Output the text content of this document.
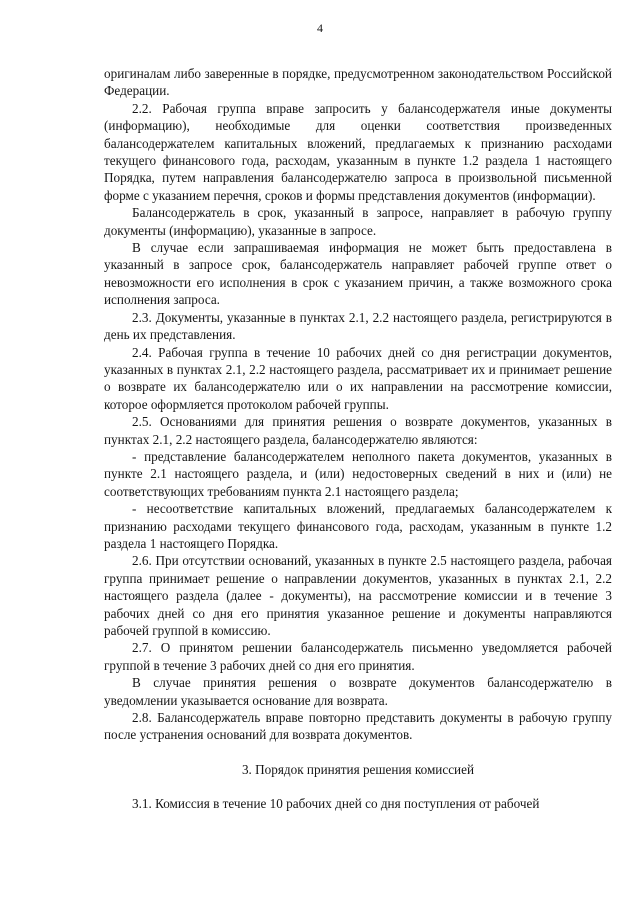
4

оригиналам либо заверенные в порядке, предусмотренном законодательством Российской Федерации.

2.2. Рабочая группа вправе запросить у балансодержателя иные документы (информацию), необходимые для оценки соответствия произведенных балансодержателем капитальных вложений, предлагаемых к признанию расходами текущего финансового года, расходам, указанным в пункте 1.2 раздела 1 настоящего Порядка, путем направления балансодержателю запроса в произвольной письменной форме с указанием перечня, сроков и формы представления документов (информации).

Балансодержатель в срок, указанный в запросе, направляет в рабочую группу документы (информацию), указанные в запросе.

В случае если запрашиваемая информация не может быть предоставлена в указанный в запросе срок, балансодержатель направляет рабочей группе ответ о невозможности его исполнения в срок с указанием причин, а также возможного срока исполнения запроса.

2.3. Документы, указанные в пунктах 2.1, 2.2 настоящего раздела, регистрируются в день их представления.

2.4. Рабочая группа в течение 10 рабочих дней со дня регистрации документов, указанных в пунктах 2.1, 2.2 настоящего раздела, рассматривает их и принимает решение о возврате их балансодержателю или о их направлении на рассмотрение комиссии, которое оформляется протоколом рабочей группы.

2.5. Основаниями для принятия решения о возврате документов, указанных в пунктах 2.1, 2.2 настоящего раздела, балансодержателю являются:

- представление балансодержателем неполного пакета документов, указанных в пункте 2.1 настоящего раздела, и (или) недостоверных сведений в них и (или) не соответствующих требованиям пункта 2.1 настоящего раздела;

- несоответствие капитальных вложений, предлагаемых балансодержателем к признанию расходами текущего финансового года, расходам, указанным в пункте 1.2 раздела 1 настоящего Порядка.

2.6. При отсутствии оснований, указанных в пункте 2.5 настоящего раздела, рабочая группа принимает решение о направлении документов, указанных в пунктах 2.1, 2.2 настоящего раздела (далее - документы), на рассмотрение комиссии и в течение 3 рабочих дней со дня его принятия указанное решение и документы направляются рабочей группой в комиссию.

2.7. О принятом решении балансодержатель письменно уведомляется рабочей группой в течение 3 рабочих дней со дня его принятия.

В случае принятия решения о возврате документов балансодержателю в уведомлении указывается основание для возврата.

2.8. Балансодержатель вправе повторно представить документы в рабочую группу после устранения оснований для возврата документов.

3. Порядок принятия решения комиссией

3.1. Комиссия в течение 10 рабочих дней со дня поступления от рабочей
